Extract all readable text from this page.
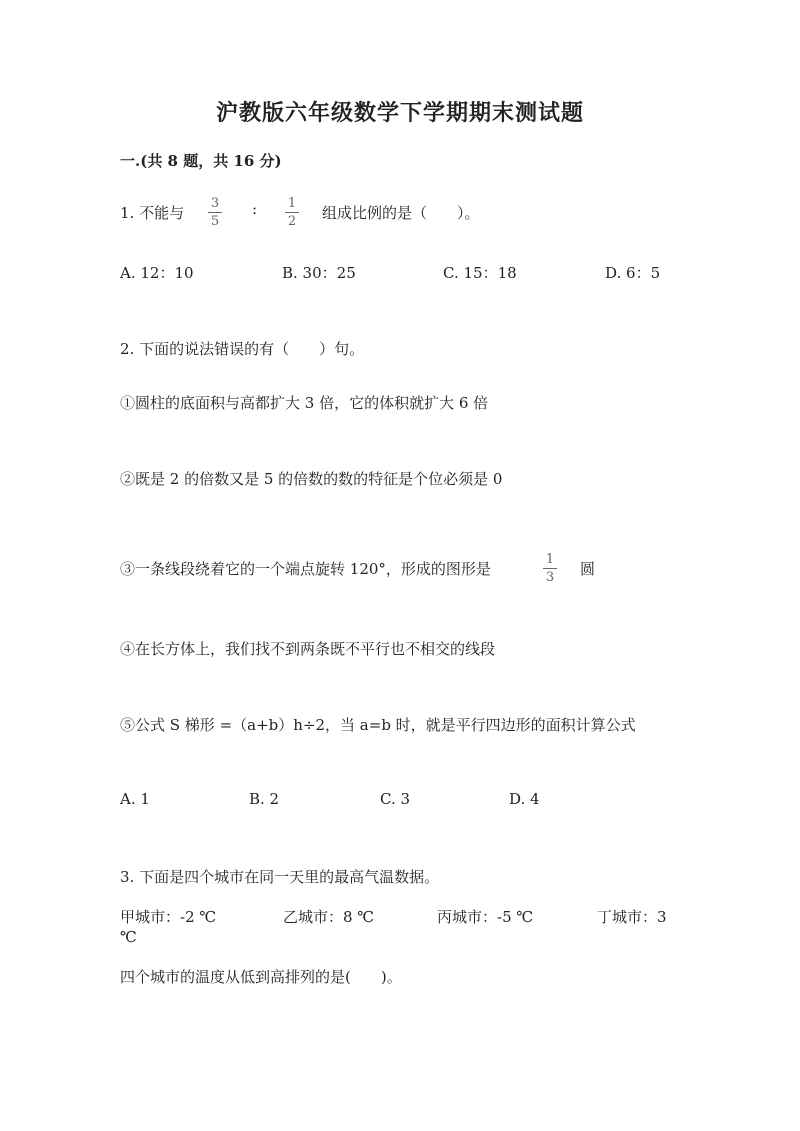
沪教版六年级数学下学期期末测试题
一.(共 8 题，共 16 分)
1. 不能与
3
5
: 1
2 组成比例的是（　　）。
A. 12：10	B. 30：25	C. 15：18	D. 6：5
2. 下面的说法错误的有（　　）句。
①圆柱的底面积与高都扩大 3 倍，它的体积就扩大 6 倍
②既是 2 的倍数又是 5 的倍数的数的特征是个位必须是 0
③一条线段绕着它的一个端点旋转 120°，形成的图形是
1
3 圆
④在长方体上，我们找不到两条既不平行也不相交的线段
⑤公式 S 梯形 =（a+b）h÷2，当 a=b 时，就是平行四边形的面积计算公式
A. 1	B. 2	C. 3	D. 4
3. 下面是四个城市在同一天里的最高气温数据。
甲城市：-2 ℃	乙城市：8 ℃	丙城市：-5 ℃	丁城市：3
℃
四个城市的温度从低到高排列的是(　　)。
